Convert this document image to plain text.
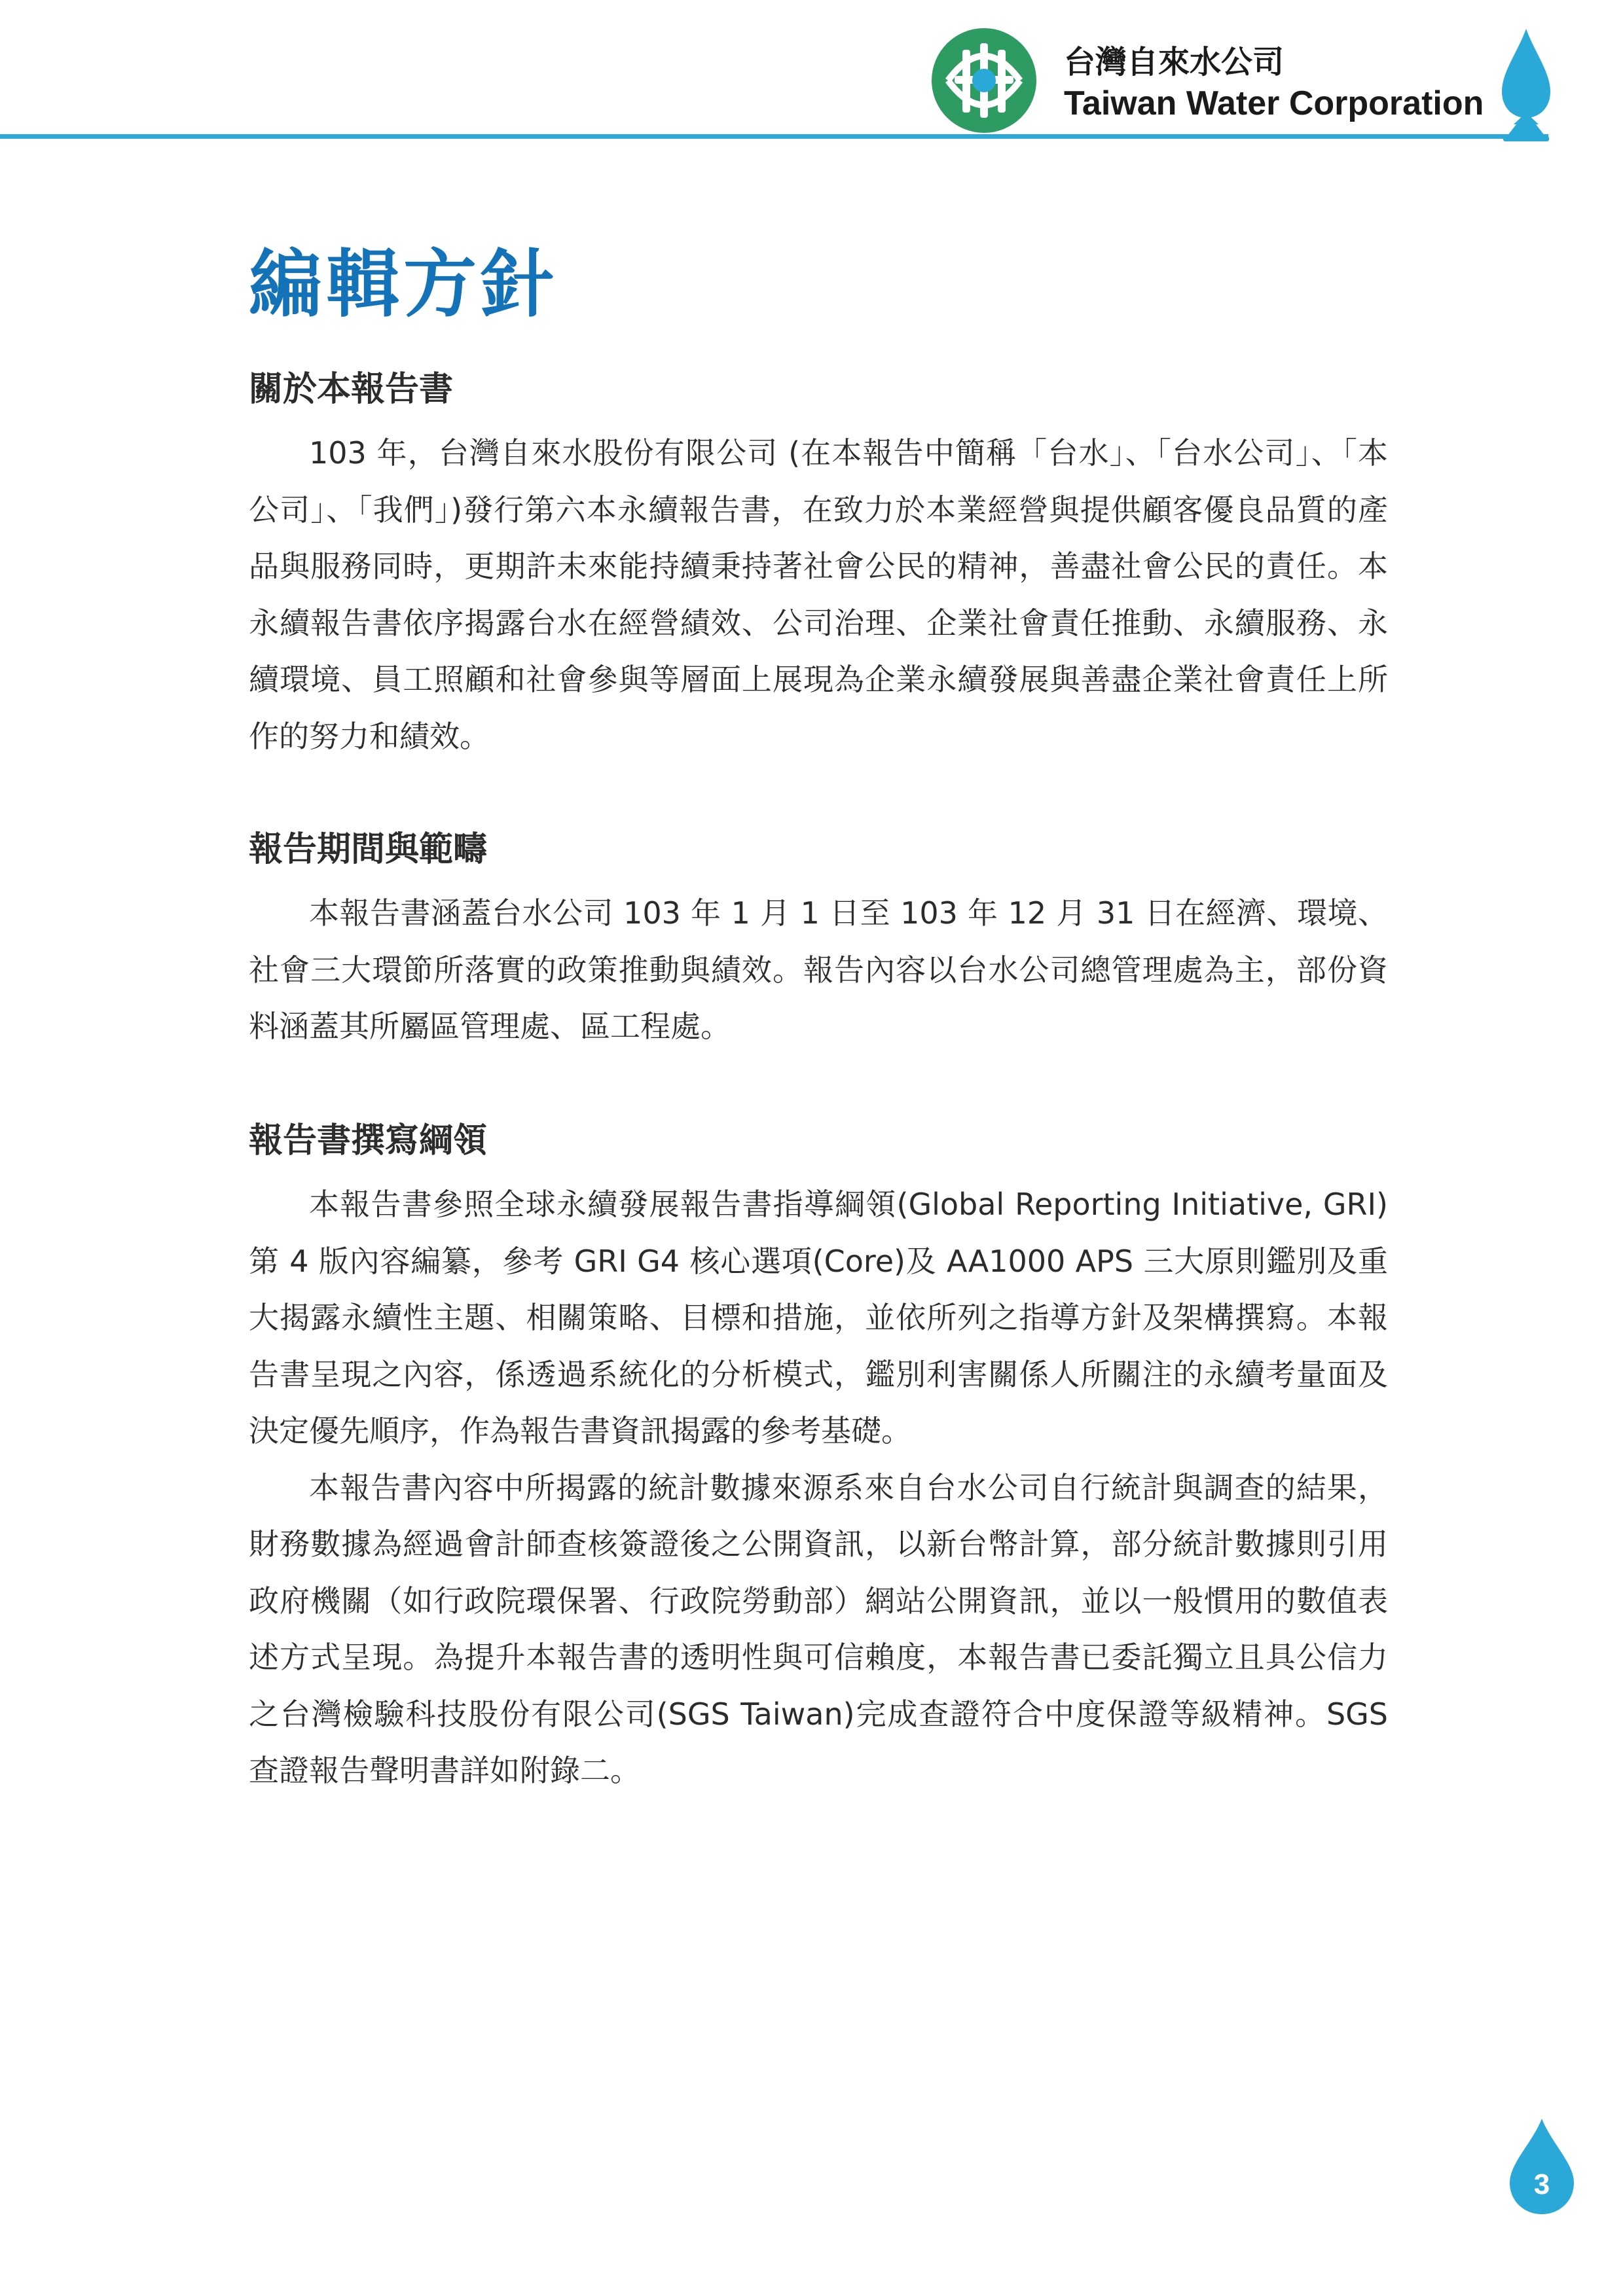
台灣自來水公司
Taiwan Water Corporation
編輯方針
關於本報告書

103 年，台灣自來水股份有限公司 (在本報告中簡稱「台水」、「台水公司」、「本公司」、「我們」)發行第六本永續報告書，在致力於本業經營與提供顧客優良品質的產品與服務同時，更期許未來能持續秉持著社會公民的精神，善盡社會公民的責任。本永續報告書依序揭露台水在經營績效、公司治理、企業社會責任推動、永續服務、永續環境、員工照顧和社會參與等層面上展現為企業永續發展與善盡企業社會責任上所作的努力和績效。

報告期間與範疇

本報告書涵蓋台水公司 103 年 1 月 1 日至 103 年 12 月 31 日在經濟、環境、社會三大環節所落實的政策推動與績效。報告內容以台水公司總管理處為主，部份資料涵蓋其所屬區管理處、區工程處。

報告書撰寫綱領

本報告書參照全球永續發展報告書指導綱領(Global Reporting Initiative, GRI)第 4 版內容編纂，參考 GRI G4 核心選項(Core)及 AA1000 APS 三大原則鑑別及重大揭露永續性主題、相關策略、目標和措施，並依所列之指導方針及架構撰寫。本報告書呈現之內容，係透過系統化的分析模式，鑑別利害關係人所關注的永續考量面及決定優先順序，作為報告書資訊揭露的參考基礎。

本報告書內容中所揭露的統計數據來源系來自台水公司自行統計與調查的結果，財務數據為經過會計師查核簽證後之公開資訊，以新台幣計算，部分統計數據則引用政府機關（如行政院環保署、行政院勞動部）網站公開資訊，並以一般慣用的數值表述方式呈現。為提升本報告書的透明性與可信賴度，本報告書已委託獨立且具公信力之台灣檢驗科技股份有限公司(SGS Taiwan)完成查證符合中度保證等級精神。SGS 查證報告聲明書詳如附錄二。

3
